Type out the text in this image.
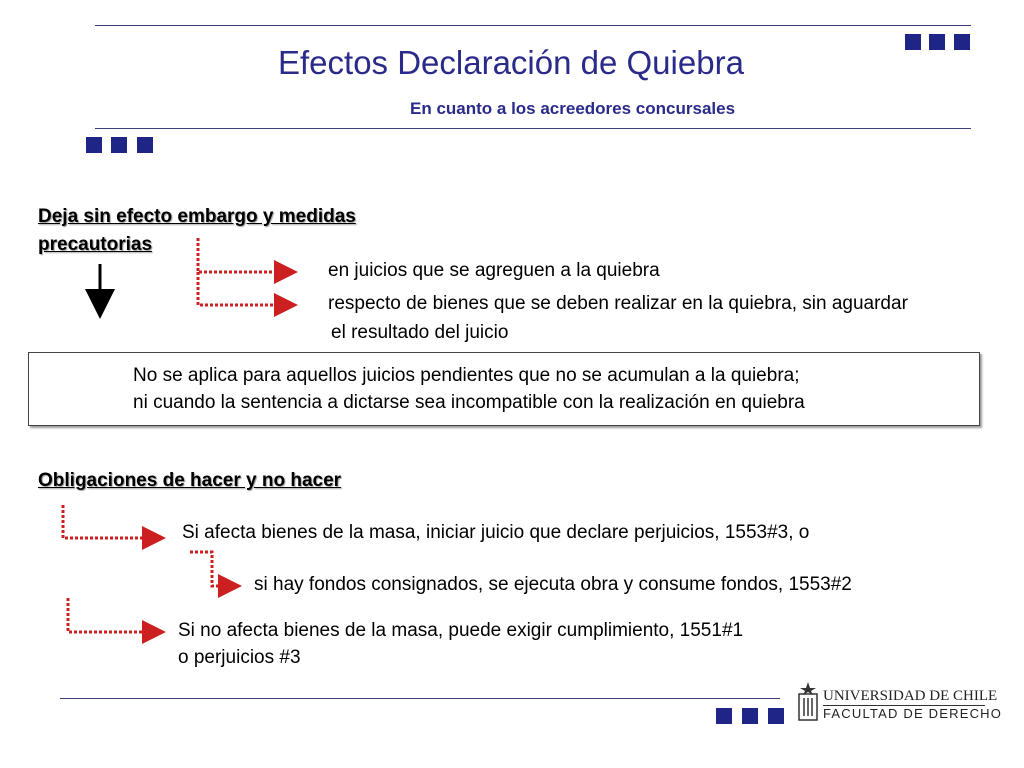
Efectos Declaración de Quiebra
En cuanto a los acreedores concursales
Deja sin efecto embargo y medidas
precautorias
en juicios que se agreguen a la quiebra
respecto de bienes que se deben realizar en la quiebra, sin aguardar
el resultado del juicio
No se aplica para aquellos juicios pendientes que no se acumulan a la quiebra;
ni cuando la sentencia a dictarse sea incompatible con la realización en quiebra
Obligaciones de hacer y no hacer
Si afecta bienes de la masa, iniciar juicio que declare perjuicios, 1553#3, o
si hay fondos consignados, se ejecuta obra y consume fondos, 1553#2
Si no afecta bienes de la masa, puede exigir cumplimiento, 1551#1
o perjuicios #3
UNIVERSIDAD DE CHILE
FACULTAD DE DERECHO
